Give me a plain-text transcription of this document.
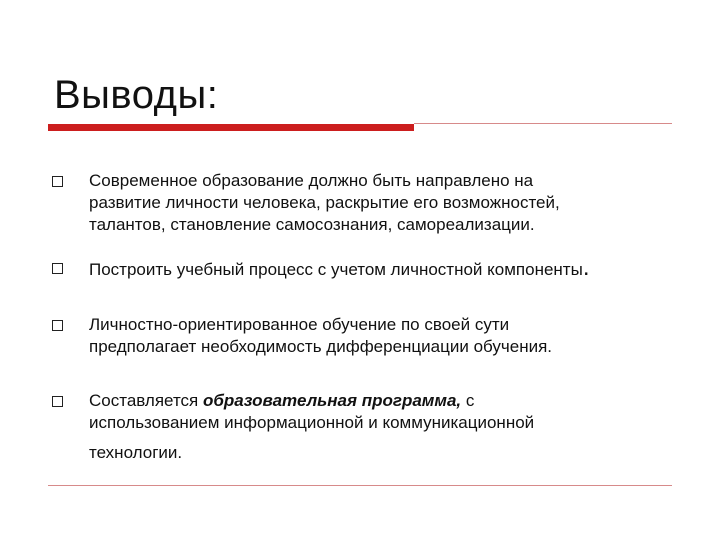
Выводы:
Современное образование должно быть направлено на
развитие личности человека, раскрытие его возможностей,
талантов, становление самосознания, самореализации.
Построить учебный процесс с учетом личностной компоненты.
Личностно-ориентированное обучение по своей сути
предполагает необходимость дифференциации обучения.
Составляется образовательная программа, с
использованием информационной и коммуникационной
технологии.
